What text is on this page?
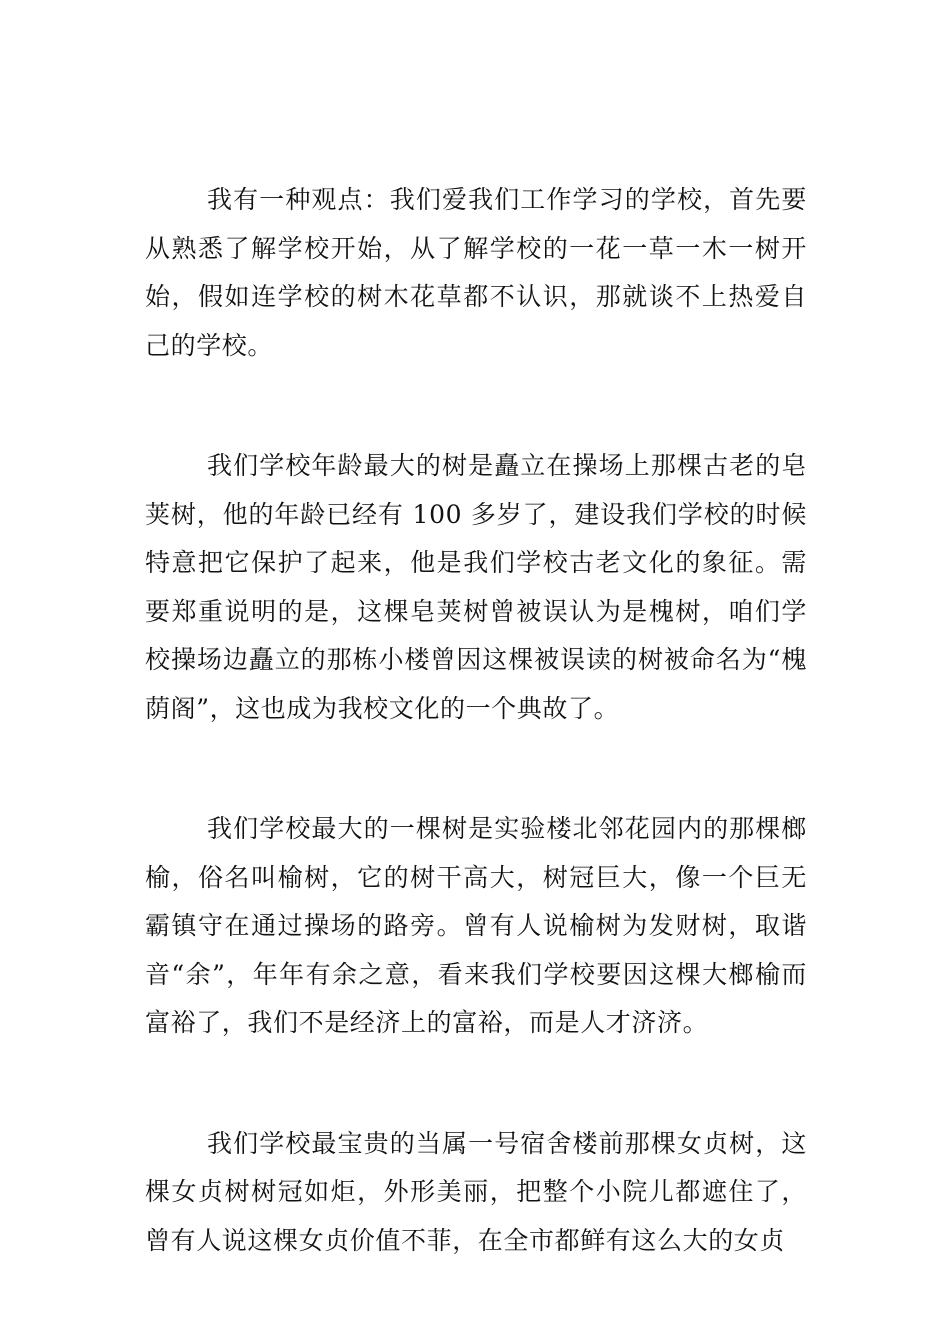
我有一种观点：我们爱我们工作学习的学校，首先要从熟悉了解学校开始，从了解学校的一花一草一木一树开始，假如连学校的树木花草都不认识，那就谈不上热爱自己的学校。

我们学校年龄最大的树是矗立在操场上那棵古老的皂荚树，他的年龄已经有 100 多岁了，建设我们学校的时候特意把它保护了起来，他是我们学校古老文化的象征。需要郑重说明的是，这棵皂荚树曾被误认为是槐树，咱们学校操场边矗立的那栋小楼曾因这棵被误读的树被命名为“槐荫阁”，这也成为我校文化的一个典故了。

我们学校最大的一棵树是实验楼北邻花园内的那棵榔榆，俗名叫榆树，它的树干高大，树冠巨大，像一个巨无霸镇守在通过操场的路旁。曾有人说榆树为发财树，取谐音“余”，年年有余之意，看来我们学校要因这棵大榔榆而富裕了，我们不是经济上的富裕，而是人才济济。

我们学校最宝贵的当属一号宿舍楼前那棵女贞树，这棵女贞树树冠如炬，外形美丽，把整个小院儿都遮住了，曾有人说这棵女贞价值不菲，在全市都鲜有这么大的女贞
